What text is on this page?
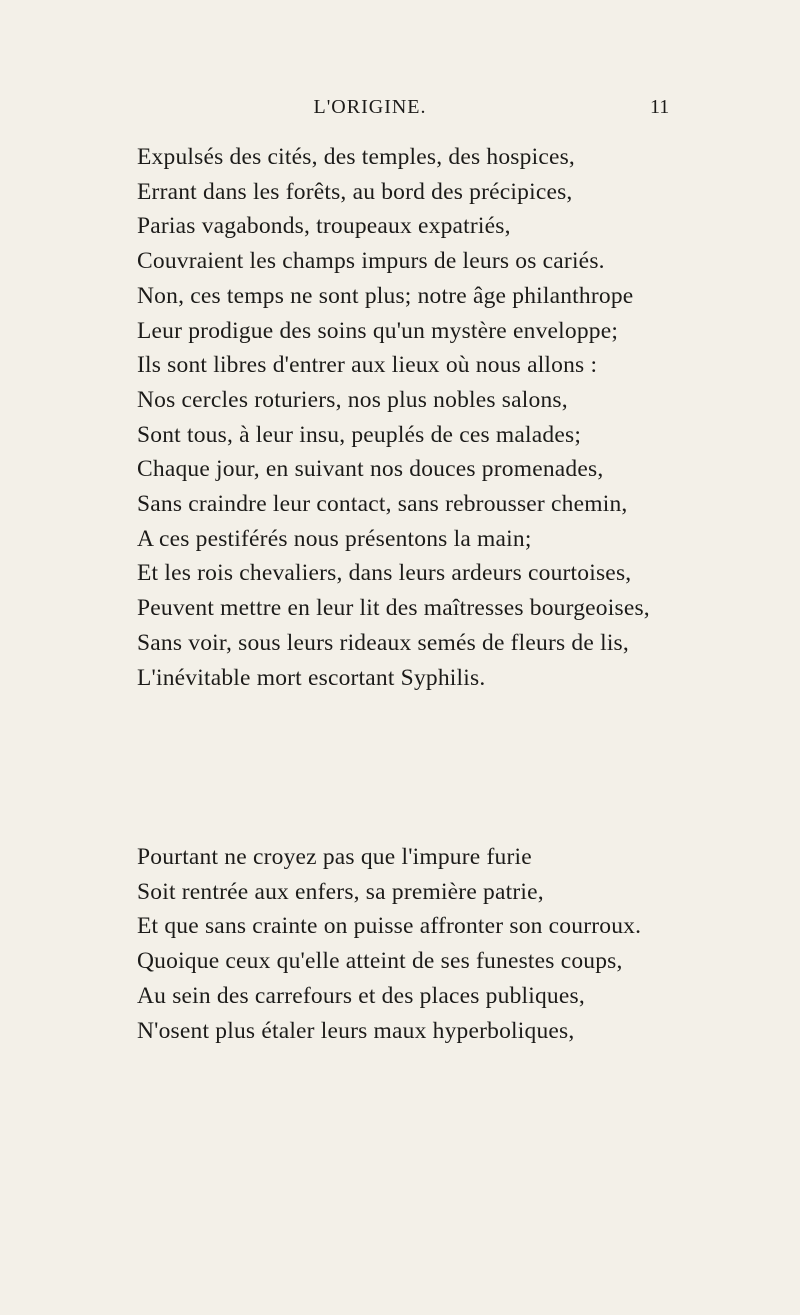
L'ORIGINE.	11
Expulsés des cités, des temples, des hospices,
Errant dans les forêts, au bord des précipices,
Parias vagabonds, troupeaux expatriés,
Couvraient les champs impurs de leurs os cariés.
Non, ces temps ne sont plus; notre âge philanthrope
Leur prodigue des soins qu'un mystère enveloppe;
Ils sont libres d'entrer aux lieux où nous allons :
Nos cercles roturiers, nos plus nobles salons,
Sont tous, à leur insu, peuplés de ces malades;
Chaque jour, en suivant nos douces promenades,
Sans craindre leur contact, sans rebrousser chemin,
A ces pestiférés nous présentons la main;
Et les rois chevaliers, dans leurs ardeurs courtoises,
Peuvent mettre en leur lit des maîtresses bourgeoises,
Sans voir, sous leurs rideaux semés de fleurs de lis,
L'inévitable mort escortant Syphilis.
Pourtant ne croyez pas que l'impure furie
Soit rentrée aux enfers, sa première patrie,
Et que sans crainte on puisse affronter son courroux.
Quoique ceux qu'elle atteint de ses funestes coups,
Au sein des carrefours et des places publiques,
N'osent plus étaler leurs maux hyperboliques,
